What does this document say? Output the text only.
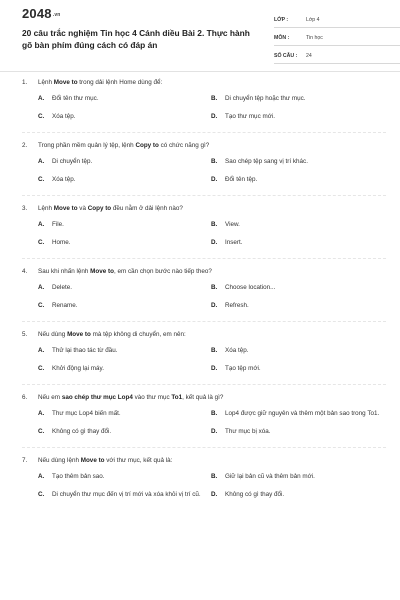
2048.vn
20 câu trắc nghiệm Tin học 4 Cánh diều Bài 2. Thực hành gõ bàn phím đúng cách có đáp án
LỚP :	Lớp 4
MÔN :	Tin học
SỐ CÂU :	24
1.	Lệnh Move to trong dải lệnh Home dùng để:
A.	Đổi tên thư mục.	B.	Di chuyển tệp hoặc thư mục.
C.	Xóa tệp.	D.	Tạo thư mục mới.
2.	Trong phần mềm quản lý tệp, lệnh Copy to có chức năng gì?
A.	Di chuyển tệp.	B.	Sao chép tệp sang vị trí khác.
C.	Xóa tệp.	D.	Đổi tên tệp.
3.	Lệnh Move to và Copy to đều nằm ở dải lệnh nào?
A.	File.	B.	View.
C.	Home.	D.	Insert.
4.	Sau khi nhấn lệnh Move to, em cần chọn bước nào tiếp theo?
A.	Delete.	B.	Choose location...
C.	Rename.	D.	Refresh.
5.	Nếu dùng Move to mà tệp không di chuyển, em nên:
A.	Thử lại thao tác từ đầu.	B.	Xóa tệp.
C.	Khởi động lại máy.	D.	Tạo tệp mới.
6.	Nếu em sao chép thư mục Lop4 vào thư mục To1, kết quả là gì?
A.	Thư mục Lop4 biến mất.	B.	Lop4 được giữ nguyên và thêm một bản sao trong To1.
C.	Không có gì thay đổi.	D.	Thư mục bị xóa.
7.	Nếu dùng lệnh Move to với thư mục, kết quả là:
A.	Tạo thêm bản sao.	B.	Giữ lại bản cũ và thêm bản mới.
C.	Di chuyển thư mục đến vị trí mới và xóa khỏi vị trí cũ. D.	Không có gì thay đổi.
